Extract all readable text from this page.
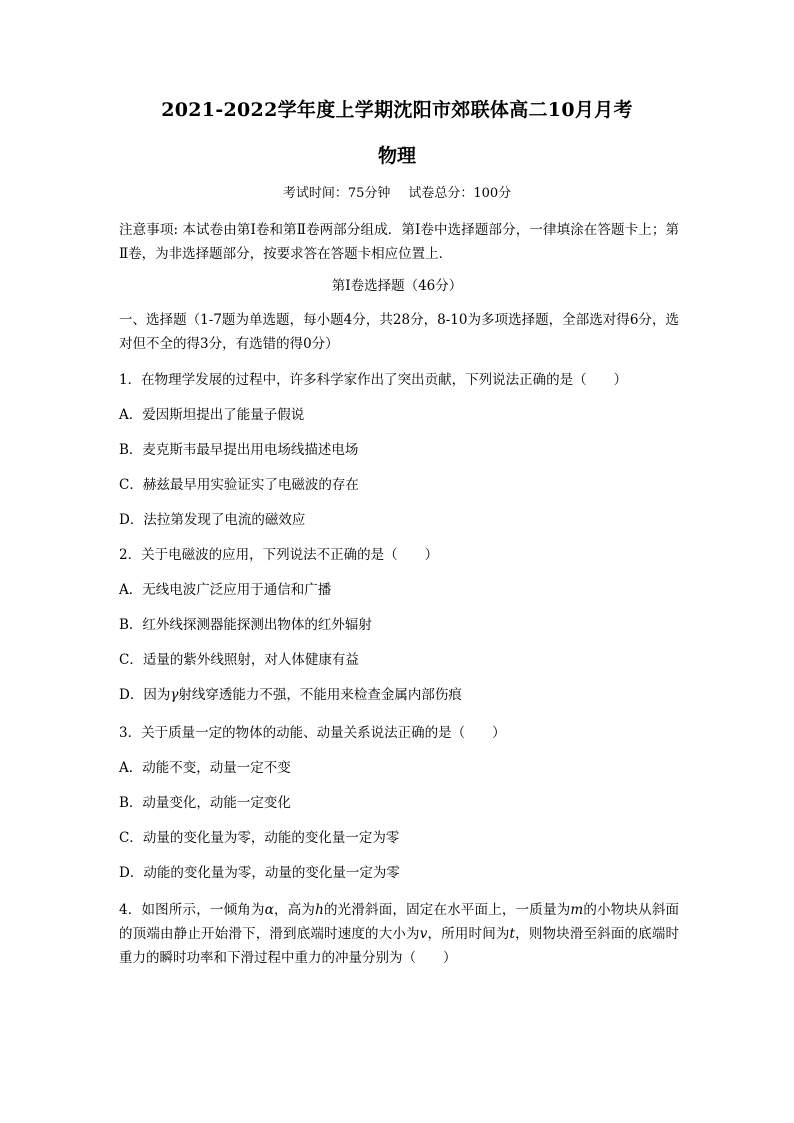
2021-2022学年度上学期沈阳市郊联体高二10月月考
物理
考试时间：75分钟 试卷总分：100分
注意事项: 本试卷由第Ⅰ卷和第Ⅱ卷两部分组成．第Ⅰ卷中选择题部分，一律填涂在答题卡上；第Ⅱ卷，为非选择题部分，按要求答在答题卡相应位置上．
第Ⅰ卷选择题（46分）
一、选择题（1-7题为单选题，每小题4分，共28分，8-10为多项选择题，全部选对得6分，选对但不全的得3分，有选错的得0分）
1．在物理学发展的过程中，许多科学家作出了突出贡献，下列说法正确的是（　　）
A．爱因斯坦提出了能量子假说
B．麦克斯韦最早提出用电场线描述电场
C．赫兹最早用实验证实了电磁波的存在
D．法拉第发现了电流的磁效应
2．关于电磁波的应用，下列说法不正确的是（　　）
A．无线电波广泛应用于通信和广播
B．红外线探测器能探测出物体的红外辐射
C．适量的紫外线照射，对人体健康有益
D．因为γ射线穿透能力不强，不能用来检查金属内部伤痕
3．关于质量一定的物体的动能、动量关系说法正确的是（　　）
A．动能不变，动量一定不变
B．动量变化，动能一定变化
C．动量的变化量为零，动能的变化量一定为零
D．动能的变化量为零，动量的变化量一定为零
4．如图所示，一倾角为α，高为h的光滑斜面，固定在水平面上，一质量为m的小物块从斜面的顶端由静止开始滑下，滑到底端时速度的大小为v，所用时间为t，则物块滑至斜面的底端时重力的瞬时功率和下滑过程中重力的冲量分别为（　　）
